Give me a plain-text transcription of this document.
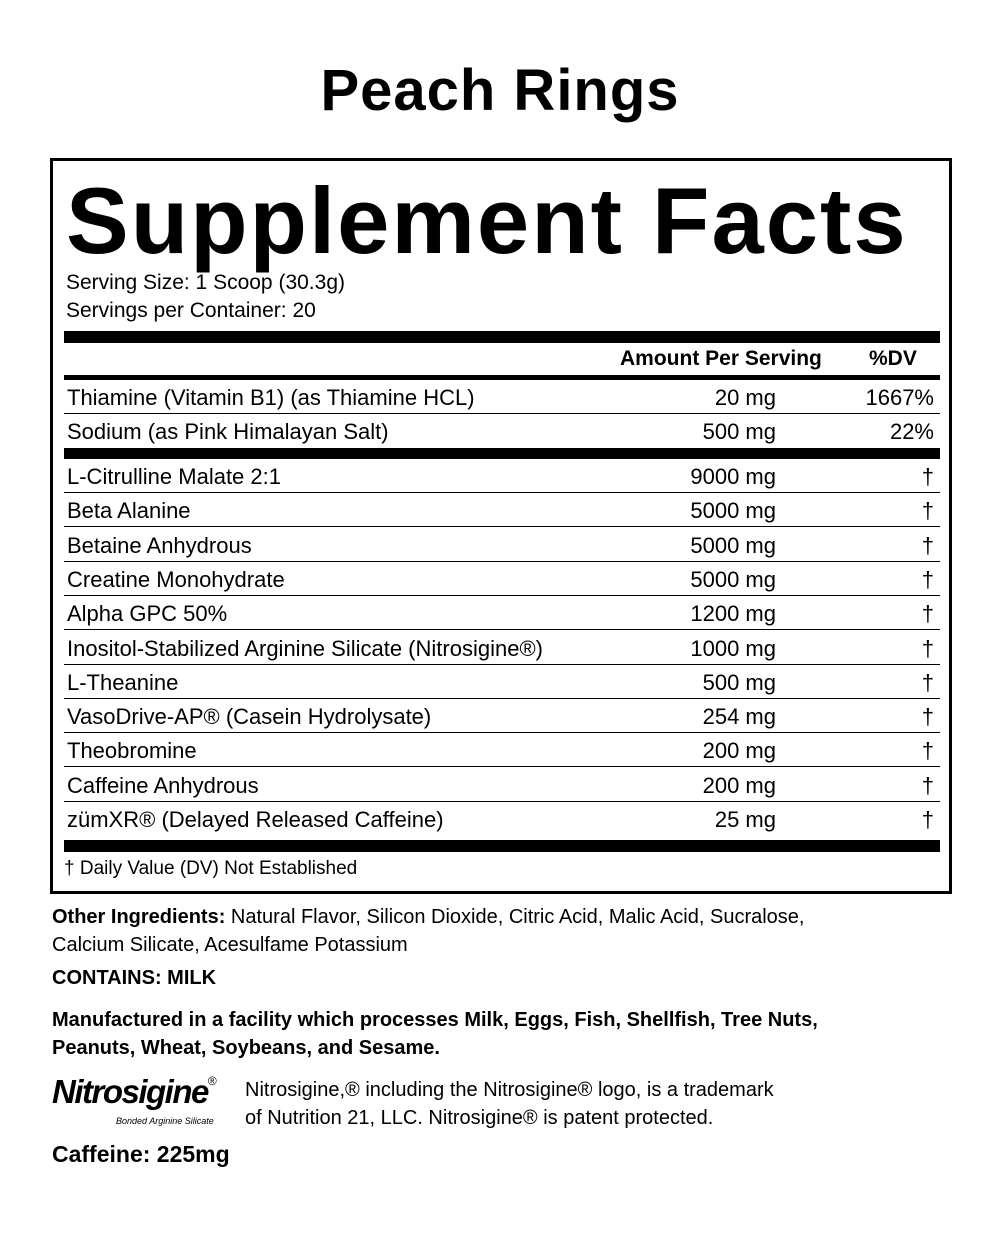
Peach Rings
Supplement Facts
Serving Size: 1 Scoop (30.3g)
Servings per Container: 20
Amount Per Serving %DV
Thiamine (Vitamin B1) (as Thiamine HCL)	20 mg	1667%
Sodium (as Pink Himalayan Salt)	500 mg	22%
L-Citrulline Malate 2:1	9000 mg	†
Beta Alanine	5000 mg	†
Betaine Anhydrous	5000 mg	†
Creatine Monohydrate	5000 mg	†
Alpha GPC 50%	1200 mg	†
Inositol-Stabilized Arginine Silicate (Nitrosigine®)	1000 mg	†
L-Theanine	500 mg	†
VasoDrive-AP® (Casein Hydrolysate)	254 mg	†
Theobromine	200 mg	†
Caffeine Anhydrous	200 mg	†
zümXR® (Delayed Released Caffeine)	25 mg	†
† Daily Value (DV) Not Established
Other Ingredients: Natural Flavor, Silicon Dioxide, Citric Acid, Malic Acid, Sucralose,
Calcium Silicate, Acesulfame Potassium
CONTAINS: MILK
Manufactured in a facility which processes Milk, Eggs, Fish, Shellfish, Tree Nuts,
Peanuts, Wheat, Soybeans, and Sesame.
Nitrosigine®
Bonded Arginine Silicate
Nitrosigine,® including the Nitrosigine® logo, is a trademark
of Nutrition 21, LLC. Nitrosigine® is patent protected.
Caffeine: 225mg
